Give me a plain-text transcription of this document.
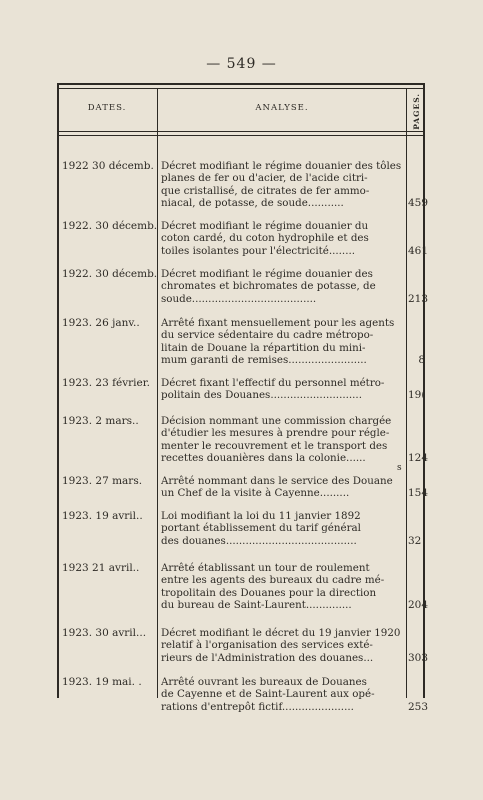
— 549 —
DATES.	ANALYSE.	PAGES.
1922 30 décemb. Décret modifiant le régime douanier des tôles
planes de fer ou d'acier, de l'acide citri-
que cristallisé, de citrates de fer ammo-
niacal, de potasse, de soude...........	459
1922. 30 décemb. Décret modifiant le régime douanier du
coton cardé, du coton hydrophile et des
toiles isolantes pour l'électricité........	461
1922. 30 décemb. Décret modifiant le régime douanier des
chromates et bichromates de potasse, de
soude......................................	213
1923. 26 janv..	Arrêté fixant mensuellement pour les agents
du service sédentaire du cadre métropo-
litain de Douane la répartition du mini-
mum garanti de remises........................	8
1923. 23 février.	Décret fixant l'effectif du personnel métro-
politain des Douanes............................	19(
1923. 2 mars..	Décision nommant une commission chargée
d'étudier les mesures à prendre pour régle-
menter le recouvrement et le transport des
recettes douanières dans la colonie......	124
s
1923. 27 mars.	Arrêté nommant dans le service des Douane
un Chef de la visite à Cayenne.........	154
1923. 19 avril..	Loi modifiant la loi du 11 janvier 1892
portant établissement du tarif général
des douanes........................................	32
1923 21 avril..	Arrêté établissant un tour de roulement
entre les agents des bureaux du cadre mé-
tropolitain des Douanes pour la direction
du bureau de Saint-Laurent..............	204
1923. 30 avril...	Décret modifiant le décret du 19 janvier 1920
relatif à l'organisation des services exté-
rieurs de l'Administration des douanes...	303
1923. 19 mai. .	Arrêté ouvrant les bureaux de Douanes
de Cayenne et de Saint-Laurent aux opé-
rations d'entrepôt fictif......................	253
